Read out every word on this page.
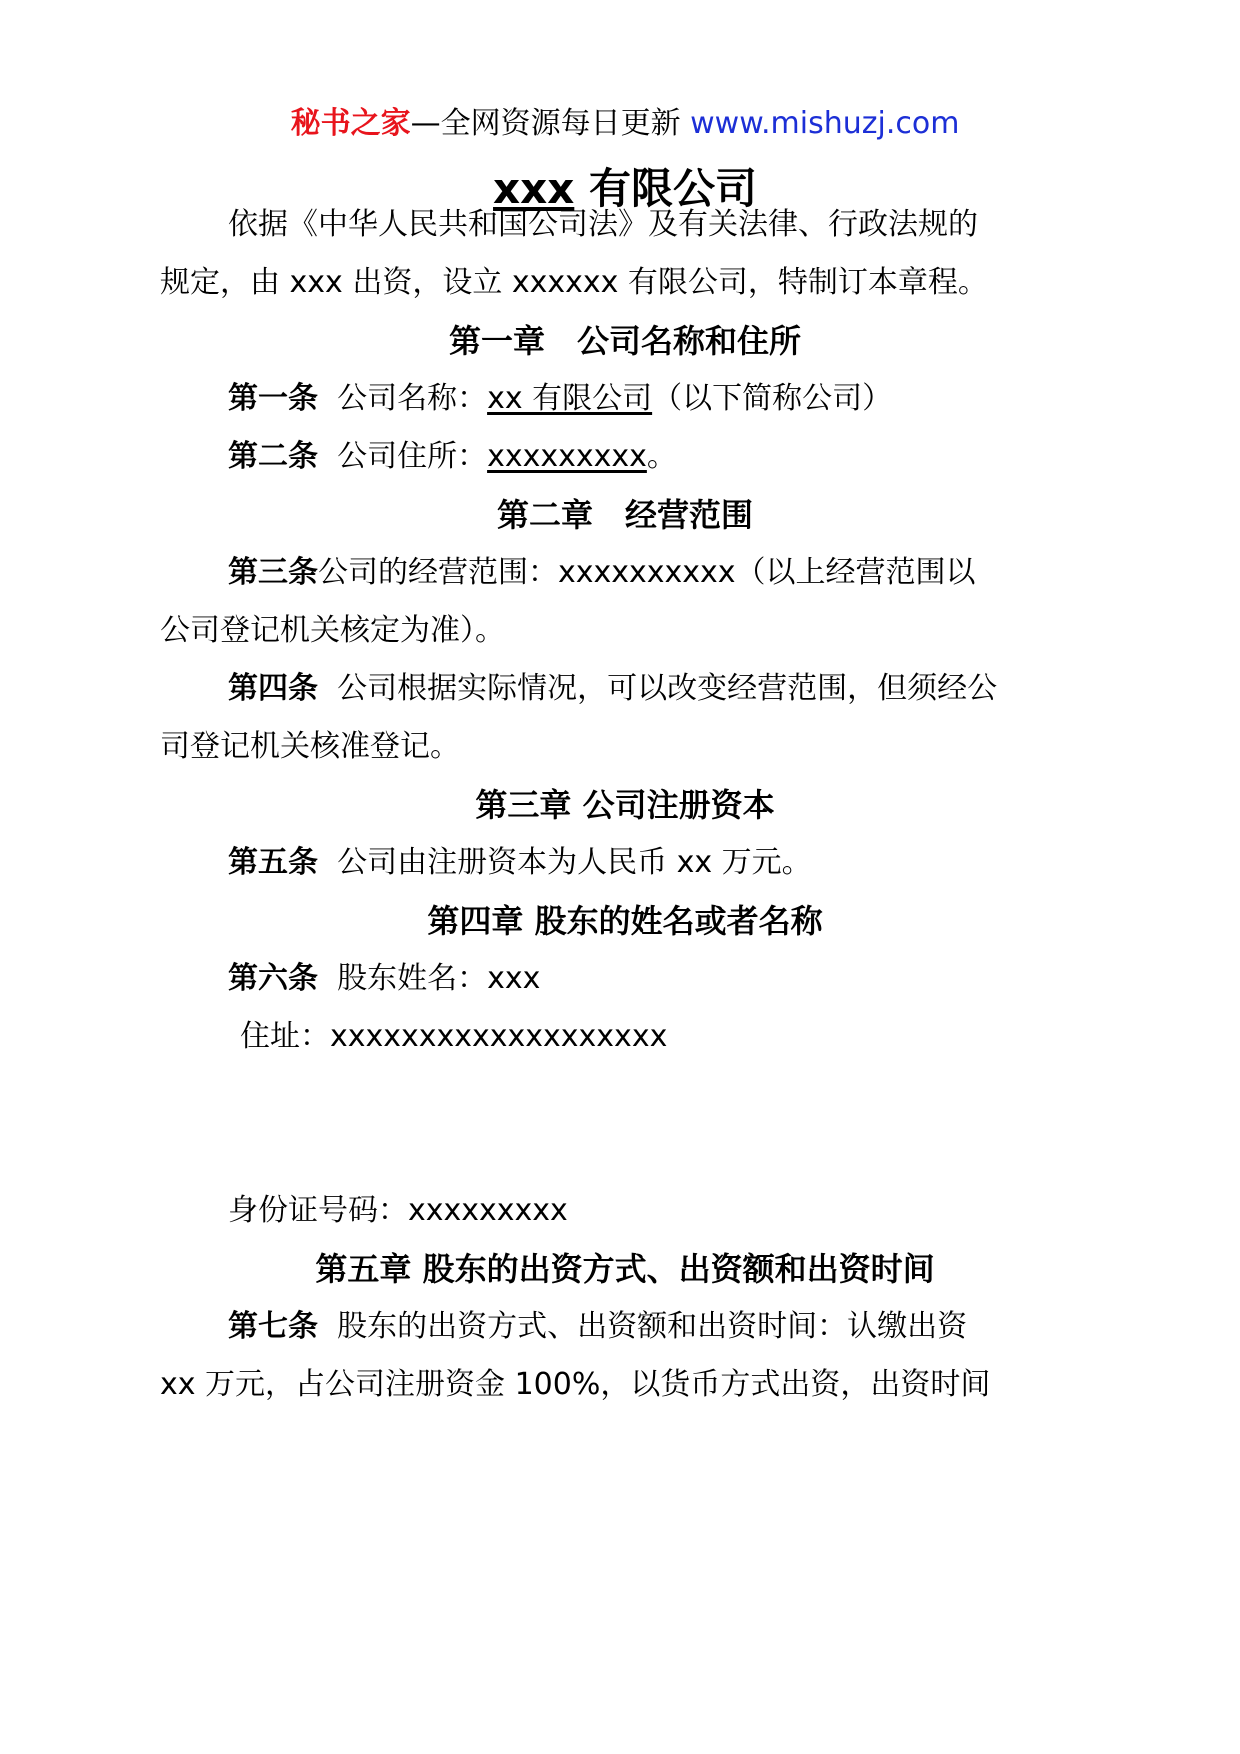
秘书之家—全网资源每日更新 www.mishuzj.com
xxx 有限公司
依据《中华人民共和国公司法》及有关法律、行政法规的
规定，由 xxx 出资，设立 xxxxxx 有限公司，特制订本章程。
第一章　公司名称和住所
第一条 公司名称：xx 有限公司（以下简称公司）
第二条 公司住所：xxxxxxxxx。
第二章　经营范围
第三条公司的经营范围：xxxxxxxxxx（以上经营范围以
公司登记机关核定为准）。
第四条 公司根据实际情况，可以改变经营范围，但须经公
司登记机关核准登记。
第三章 公司注册资本
第五条 公司由注册资本为人民币 xx 万元。
第四章 股东的姓名或者名称
第六条 股东姓名：xxx
住址：xxxxxxxxxxxxxxxxxxx
身份证号码：xxxxxxxxx
第五章 股东的出资方式、出资额和出资时间
第七条 股东的出资方式、出资额和出资时间：认缴出资
xx 万元，占公司注册资金 100%，以货币方式出资，出资时间
